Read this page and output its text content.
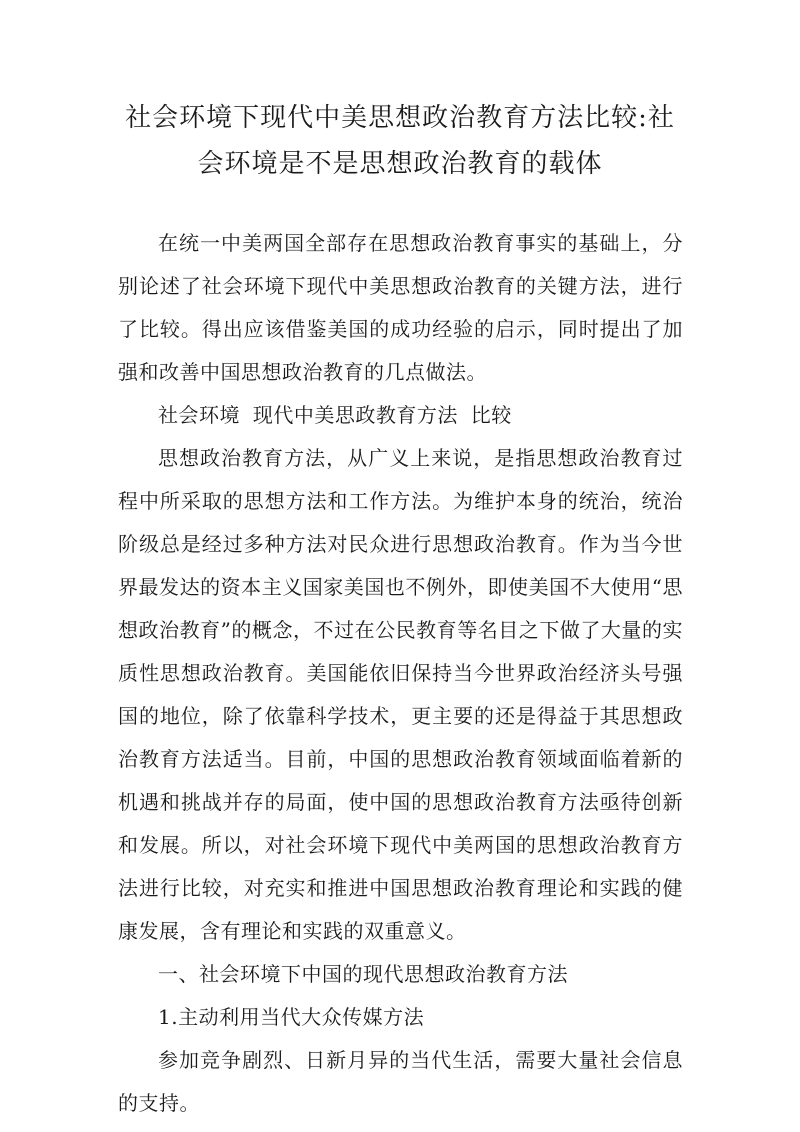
社会环境下现代中美思想政治教育方法比较:社会环境是不是思想政治教育的载体

在统一中美两国全部存在思想政治教育事实的基础上，分别论述了社会环境下现代中美思想政治教育的关键方法，进行了比较。得出应该借鉴美国的成功经验的启示，同时提出了加强和改善中国思想政治教育的几点做法。

社会环境 现代中美思政教育方法 比较

思想政治教育方法，从广义上来说，是指思想政治教育过程中所采取的思想方法和工作方法。为维护本身的统治，统治阶级总是经过多种方法对民众进行思想政治教育。作为当今世界最发达的资本主义国家美国也不例外，即使美国不大使用“思想政治教育”的概念，不过在公民教育等名目之下做了大量的实质性思想政治教育。美国能依旧保持当今世界政治经济头号强国的地位，除了依靠科学技术，更主要的还是得益于其思想政治教育方法适当。目前，中国的思想政治教育领域面临着新的机遇和挑战并存的局面，使中国的思想政治教育方法亟待创新和发展。所以，对社会环境下现代中美两国的思想政治教育方法进行比较，对充实和推进中国思想政治教育理论和实践的健康发展，含有理论和实践的双重意义。

一、社会环境下中国的现代思想政治教育方法

1.主动利用当代大众传媒方法

参加竞争剧烈、日新月异的当代生活，需要大量社会信息的支持。
